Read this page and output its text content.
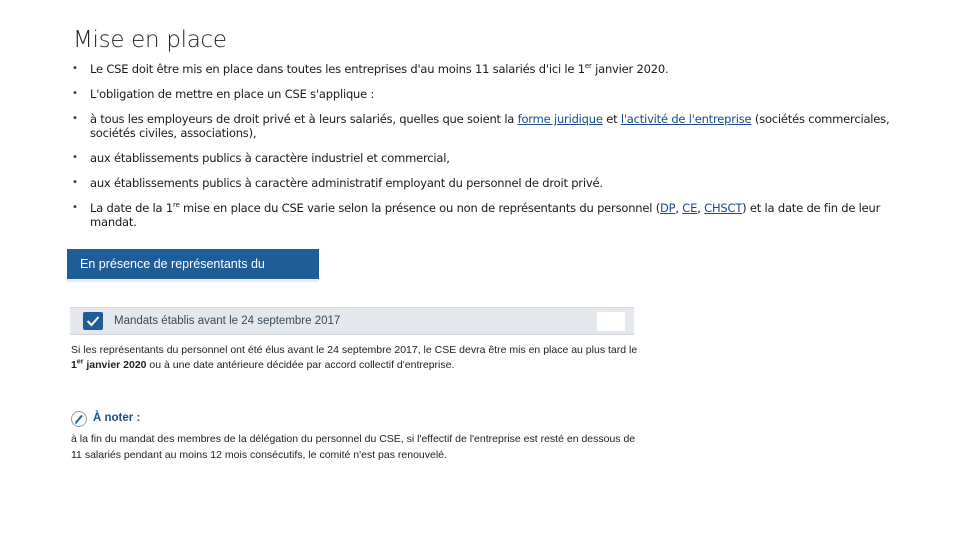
Mise en place
• Le CSE doit être mis en place dans toutes les entreprises d'au moins 11 salariés d'ici le 1er janvier 2020.
• L'obligation de mettre en place un CSE s'applique :
• à tous les employeurs de droit privé et à leurs salariés, quelles que soient la forme juridique et l'activité de l'entreprise (sociétés commerciales, sociétés civiles, associations),
• aux établissements publics à caractère industriel et commercial,
• aux établissements publics à caractère administratif employant du personnel de droit privé.
• La date de la 1re mise en place du CSE varie selon la présence ou non de représentants du personnel (DP, CE, CHSCT) et la date de fin de leur mandat.
En présence de représentants du personnel
Mandats établis avant le 24 septembre 2017

Si les représentants du personnel ont été élus avant le 24 septembre 2017, le CSE devra être mis en place au plus tard le 1er janvier 2020 ou à une date antérieure décidée par accord collectif d'entreprise.

À noter :

à la fin du mandat des membres de la délégation du personnel du CSE, si l'effectif de l'entreprise est resté en dessous de 11 salariés pendant au moins 12 mois consécutifs, le comité n'est pas renouvelé.
